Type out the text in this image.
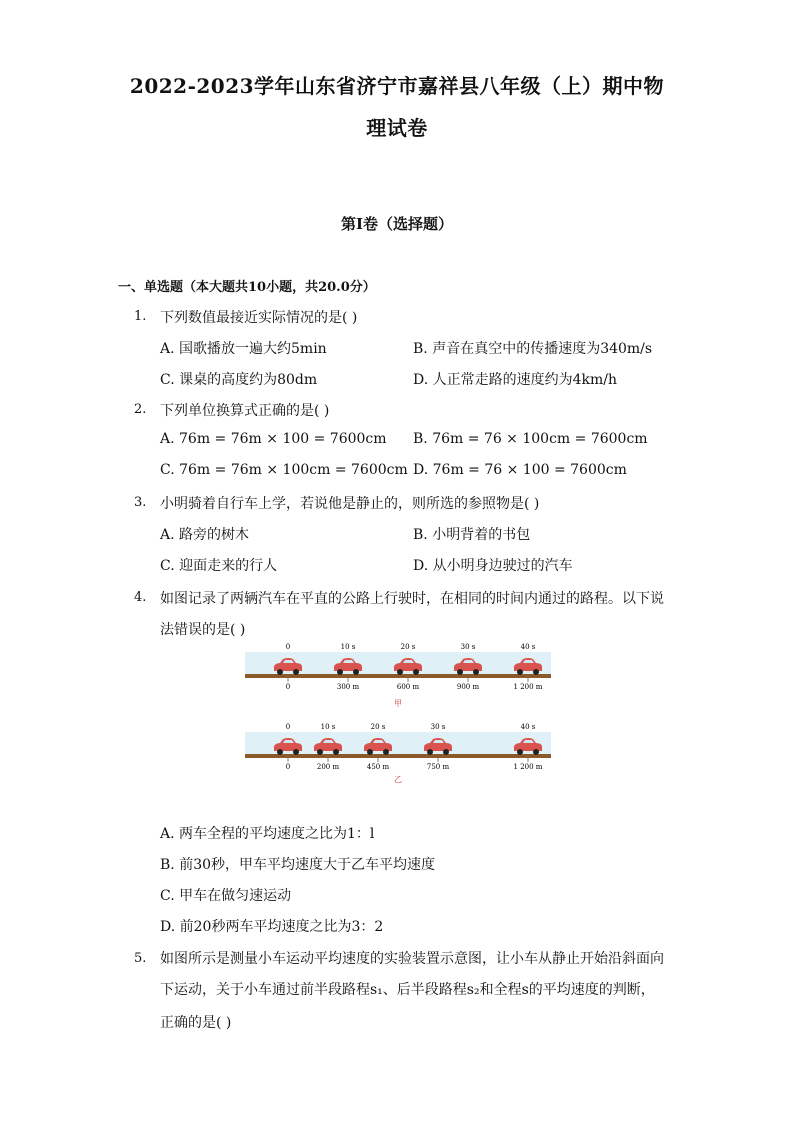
2022-2023学年山东省济宁市嘉祥县八年级（上）期中物
理试卷
第I卷（选择题）
一、单选题（本大题共10小题，共20.0分）
1. 下列数值最接近实际情况的是( )
A. 国歌播放一遍大约5min	B. 声音在真空中的传播速度为340m/s
C. 课桌的高度约为80dm	D. 人正常走路的速度约为4km/h
2. 下列单位换算式正确的是( )
A. 76m = 76m × 100 = 7600cm B. 76m = 76 × 100cm = 7600cm
C. 76m = 76m × 100cm = 7600cm D. 76m = 76 × 100 = 7600cm
3. 小明骑着自行车上学，若说他是静止的，则所选的参照物是( )
A. 路旁的树木	B. 小明背着的书包
C. 迎面走来的行人	D. 从小明身边驶过的汽车
4. 如图记录了两辆汽车在平直的公路上行驶时，在相同的时间内通过的路程。以下说
法错误的是( )
0	10 s	20 s	30 s	40 s
0	300 m	600 m	900 m	1 200 m
甲
0	10 s	20 s	30 s	40 s
0	200 m	450 m	750 m	1 200 m
乙
A. 两车全程的平均速度之比为1：l
B. 前30秒，甲车平均速度大于乙车平均速度
C. 甲车在做匀速运动
D. 前20秒两车平均速度之比为3：2
5. 如图所示是测量小车运动平均速度的实验装置示意图，让小车从静止开始沿斜面向
下运动，关于小车通过前半段路程s₁、后半段路程s₂和全程s的平均速度的判断，
正确的是( )
